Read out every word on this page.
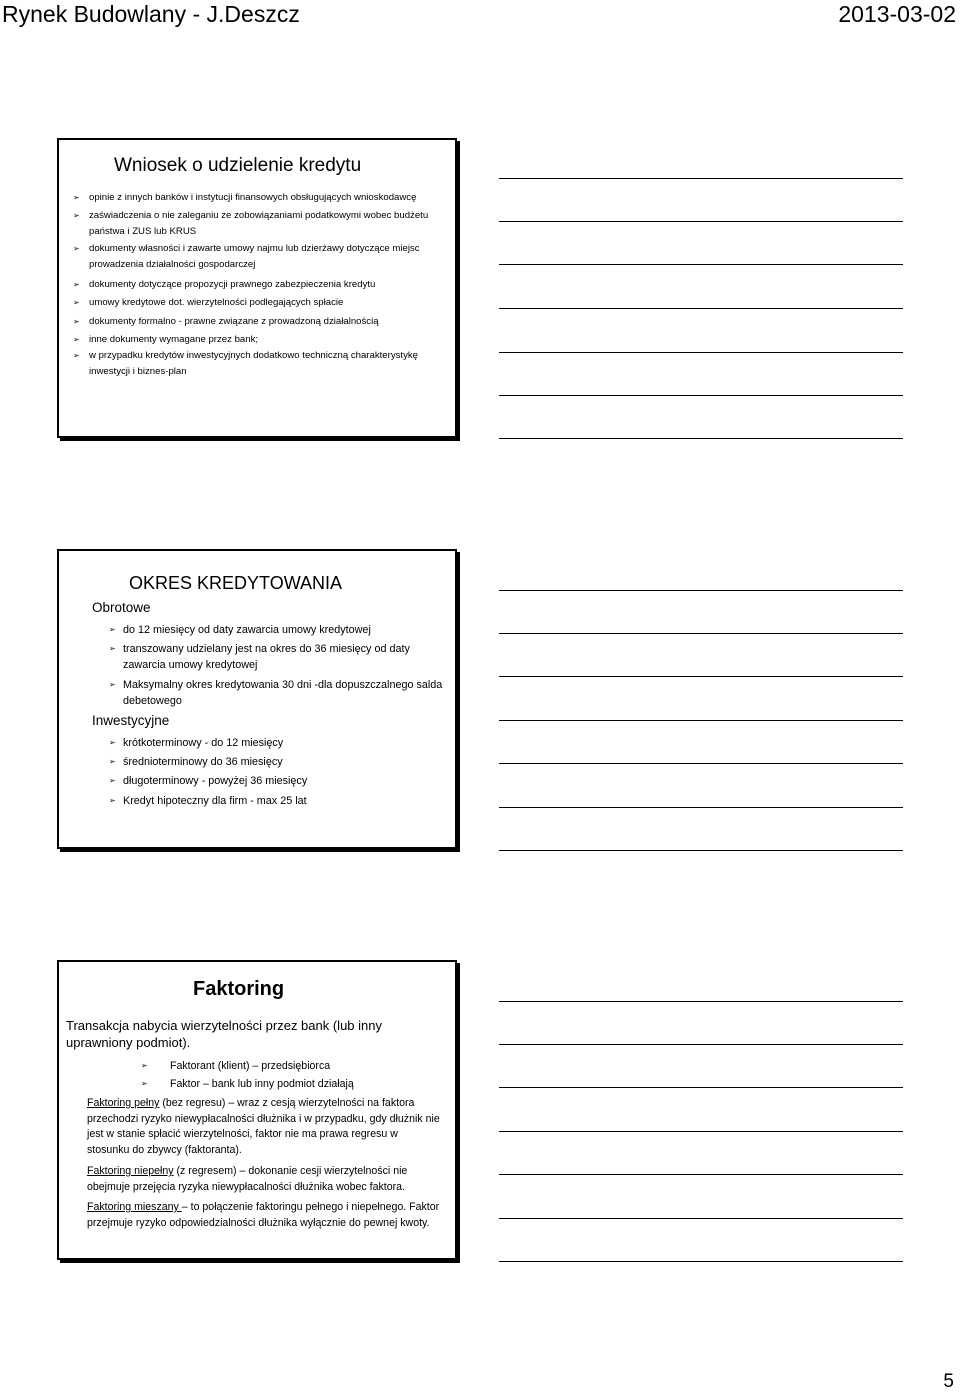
Rynek Budowlany - J.Deszcz	2013-03-02
Wniosek o udzielenie kredytu
➢ opinie z innych banków i instytucji finansowych obsługujących wnioskodawcę
➢ zaświadczenia o nie zaleganiu ze zobowiązaniami podatkowymi wobec budżetu państwa i ZUS lub KRUS
➢ dokumenty własności i zawarte umowy najmu lub dzierżawy dotyczące miejsc prowadzenia działalności gospodarczej
➢ dokumenty dotyczące propozycji prawnego zabezpieczenia kredytu
➢ umowy kredytowe dot. wierzytelności podlegających spłacie
➢ dokumenty formalno - prawne związane z prowadzoną działalnością
➢ inne dokumenty wymagane przez bank;
➢ w przypadku kredytów inwestycyjnych dodatkowo techniczną charakterystykę inwestycji i biznes-plan
OKRES KREDYTOWANIA
Obrotowe
➢ do 12 miesięcy od daty zawarcia umowy kredytowej
➢ transzowany udzielany jest na okres do 36 miesięcy od daty zawarcia umowy kredytowej
➢ Maksymalny okres kredytowania 30 dni -dla dopuszczalnego salda debetowego
Inwestycyjne
➢ krótkoterminowy - do 12 miesięcy
➢ średnioterminowy do 36 miesięcy
➢ długoterminowy - powyżej 36 miesięcy
➢ Kredyt hipoteczny dla firm - max 25 lat
Faktoring
Transakcja nabycia wierzytelności przez bank (lub inny uprawniony podmiot).
➢ Faktorant (klient) – przedsiębiorca
➢ Faktor – bank lub inny podmiot działają
Faktoring pełny (bez regresu) – wraz z cesją wierzytelności na faktora przechodzi ryzyko niewypłacalności dłużnika i w przypadku, gdy dłużnik nie jest w stanie spłacić wierzytelności, faktor nie ma prawa regresu w stosunku do zbywcy (faktoranta).
Faktoring niepełny (z regresem) – dokonanie cesji wierzytelności nie obejmuje przejęcia ryzyka niewypłacalności dłużnika wobec faktora.
Faktoring mieszany – to połączenie faktoringu pełnego i niepełnego. Faktor przejmuje ryzyko odpowiedzialności dłużnika wyłącznie do pewnej kwoty.
5
